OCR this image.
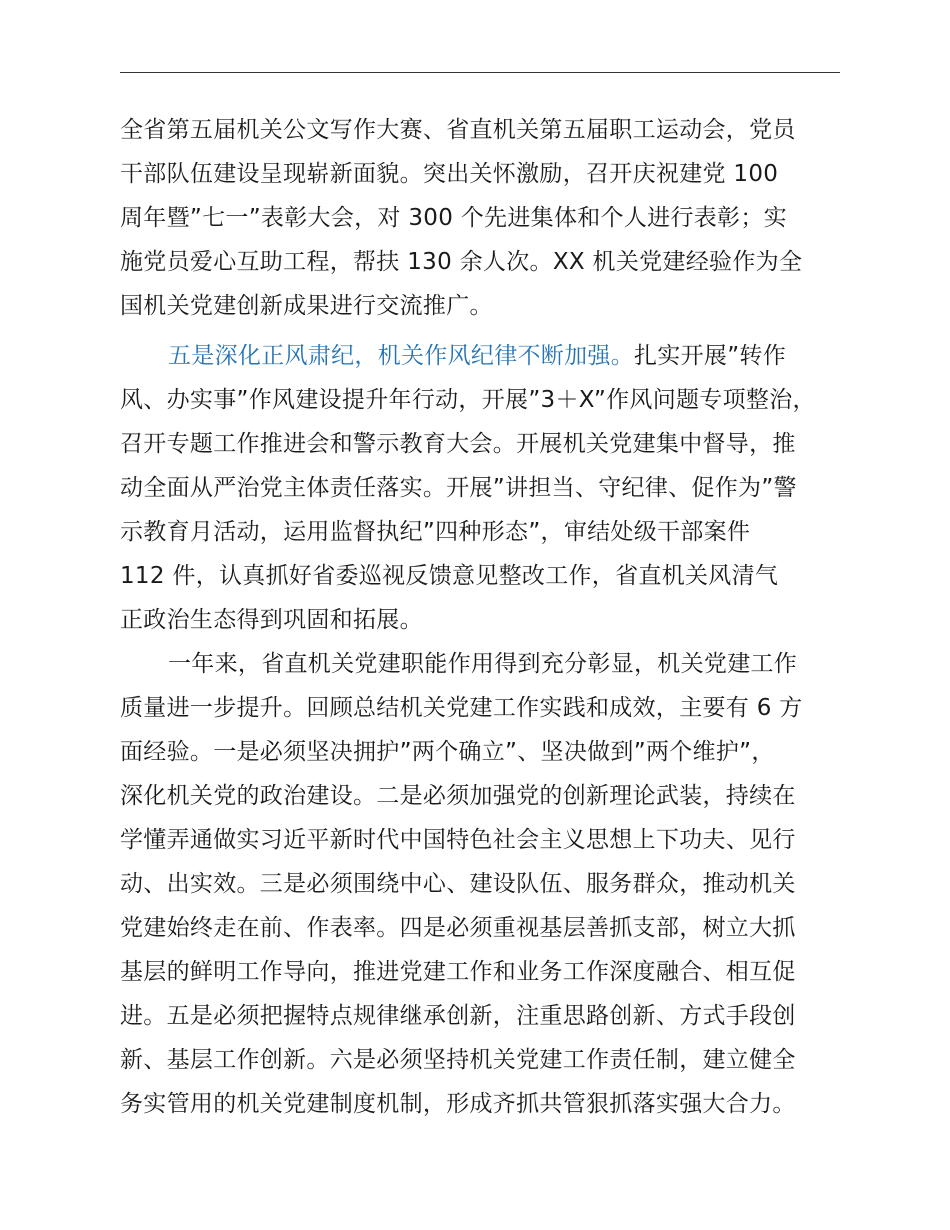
全省第五届机关公文写作大赛、省直机关第五届职工运动会，党员
干部队伍建设呈现崭新面貌。突出关怀激励，召开庆祝建党 100
周年暨”七一”表彰大会，对 300 个先进集体和个人进行表彰；实
施党员爱心互助工程，帮扶 130 余人次。XX 机关党建经验作为全
国机关党建创新成果进行交流推广。
五是深化正风肃纪，机关作风纪律不断加强。扎实开展”转作
风、办实事”作风建设提升年行动，开展”3＋X”作风问题专项整治，
召开专题工作推进会和警示教育大会。开展机关党建集中督导，推
动全面从严治党主体责任落实。开展”讲担当、守纪律、促作为”警
示教育月活动，运用监督执纪”四种形态”，审结处级干部案件
112 件，认真抓好省委巡视反馈意见整改工作，省直机关风清气
正政治生态得到巩固和拓展。
一年来，省直机关党建职能作用得到充分彰显，机关党建工作
质量进一步提升。回顾总结机关党建工作实践和成效，主要有 6 方
面经验。一是必须坚决拥护”两个确立”、坚决做到”两个维护”，
深化机关党的政治建设。二是必须加强党的创新理论武装，持续在
学懂弄通做实习近平新时代中国特色社会主义思想上下功夫、见行
动、出实效。三是必须围绕中心、建设队伍、服务群众，推动机关
党建始终走在前、作表率。四是必须重视基层善抓支部，树立大抓
基层的鲜明工作导向，推进党建工作和业务工作深度融合、相互促
进。五是必须把握特点规律继承创新，注重思路创新、方式手段创
新、基层工作创新。六是必须坚持机关党建工作责任制，建立健全
务实管用的机关党建制度机制，形成齐抓共管狠抓落实强大合力。
